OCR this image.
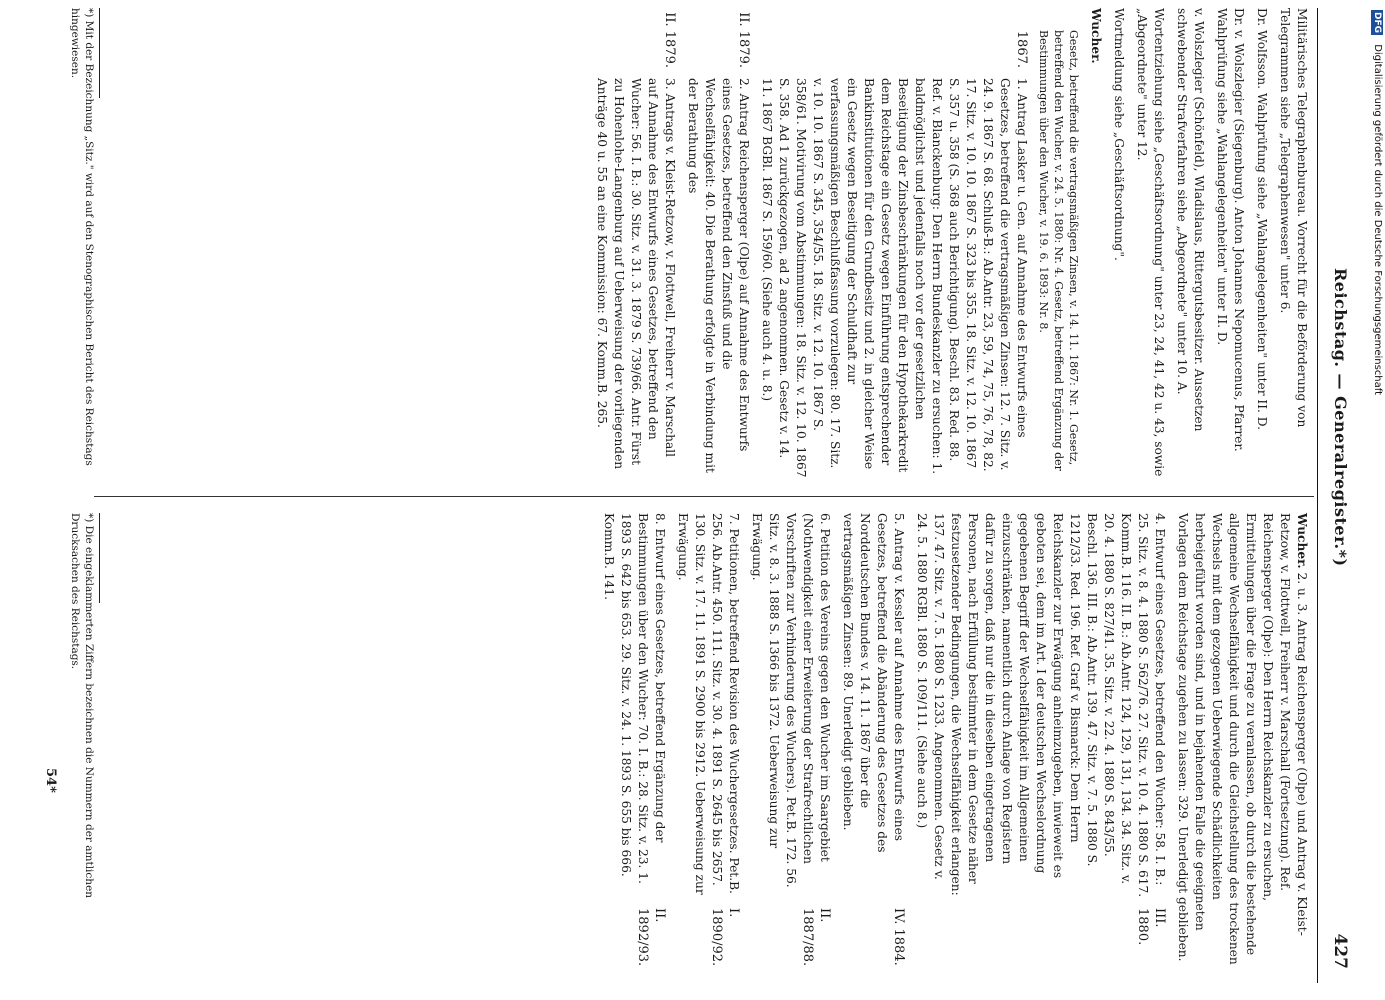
Reichstag. — Generalregister.*)
427
Militärisches Telegraphenbureau. Vorrecht für die Beförderung von Telegrammen siehe „Telegraphenwesen" unter 6.
Dr. Wolfsson. Wahlprüfung siehe „Wahlangelegenheiten" unter II. D.
Dr. v. Wolszlegier (Siegenburg). Anton Johannes Nepomucenus, Pfarrer. Wahlprüfung siehe „Wahlangelegenheiten" unter II. D.
v. Wolszlegier (Schönfeld), Wladislaus, Rittergutsbesitzer. Aussetzen schwebender Strafverfahren siehe „Abgeordnete" unter 10. A.
Wortentziehung siehe „Geschäftsordnung" unter 23, 24, 41, 42 u. 43, sowie „Abgeordnete" unter 12.
Wortmeldung siehe „Geschäftsordnung".
Wucher.
Gesetz, betreffend die vertragsmäßigen Zinsen, v. 14. 11. 1867: Nr. 1. Gesetz, betreffend den Wucher, v. 24. 5. 1880: Nr. 4. Gesetz, betreffend Ergänzung der Bestimmungen über den Wucher, v. 19. 6. 1893: Nr. 8.
1867.
1. Antrag Lasker u. Gen. auf Annahme des Entwurfs eines Gesetzes, betreffend die vertragsmäßigen Zinsen: 12. 7. Sitz. v. 24. 9. 1867 S. 68. Schluß-B.: Ab.Antr. 23, 59, 74, 75, 76, 78, 82. 17. Sitz. v. 10. 10. 1867 S. 323 bis 355. 18. Sitz. v. 12. 10. 1867 S. 357 u. 358 (S. 368 auch Berichtigung). Beschl. 83. Red. 88. Ref. v. Blanckenburg: Den Herrn Bundeskanzler zu ersuchen: 1. baldmöglichst und jedenfalls noch vor der gesetzlichen Beseitigung der Zinsbeschränkungen für den Hypothekarkredit dem Reichstage ein Gesetz wegen Einführung entsprechender Bankinstitutionen für den Grundbesitz und 2. in gleicher Weise ein Gesetz wegen Beseitigung der Schuldhaft zur verfassungsmäßigen Beschlußfassung vorzulegen: 80. 17. Sitz. v. 10. 10. 1867 S. 345, 354/55. 18. Sitz. v. 12. 10. 1867 S. 358/61. Motivirung vom Abstimmungen: 18. Sitz. v. 12. 10. 1867 S. 358. Ad 1 zurückgezogen, ad 2 angenommen. Gesetz v. 14. 11. 1867 BGBl. 1867 S. 159/60. (Siehe auch 4. u. 8.)
II. 1879.
2. Antrag Reichensperger (Olpe) auf Annahme des Entwurfs eines Gesetzes, betreffend den Zinsfuß und die Wechselfähigkeit: 40. Die Berathung erfolgte in Verbindung mit der Berathung des
II. 1879.
3. Antrags v. Kleist-Retzow, v. Flottwell, Freiherr v. Marschall auf Annahme des Entwurfs eines Gesetzes, betreffend den Wucher: 56. I. B.: 30. Sitz. v. 31. 3. 1879 S. 739/66. Antr. Fürst zu Hohenlohe-Langenburg auf Ueberweisung der vorliegenden Anträge 40 u. 55 an eine Kommission: 67. Komm.B. 265.
Wucher. 2. u. 3. Antrag Reichensperger (Olpe) und Antrag v. Kleist-Retzow, v. Flottwell, Freiherr v. Marschall (Fortsetzung). Ref. Reichensperger (Olpe): Den Herrn Reichskanzler zu ersuchen, Ermittelungen über die Frage zu veranlassen, ob durch die bestehende allgemeine Wechselfähigkeit und durch die Gleichstellung des trockenen Wechsels mit dem gezogenen Ueberwiegende Schädlichkeiten herbeigeführt worden sind, und in bejahenden Falle die geeigneten Vorlagen dem Reichstage zugehen zu lassen: 329. Unerledigt geblieben.
4. Entwurf eines Gesetzes, betreffend den Wucher: 58. I. B.: 25. Sitz. v. 8. 4. 1880 S. 562/76. 27. Sitz. v. 10. 4. 1880 S. 617. Komm.B. 116. II. B.: Ab.Antr. 124, 129, 131, 134. 34. Sitz. v. 20. 4. 1880 S. 827/41. 35. Sitz. v. 22. 4. 1880 S. 843/55. Beschl. 136. III. B.: Ab.Antr. 139. 47. Sitz. v. 7. 5. 1880 S. 1212/33. Red. 196. Ref. Graf v. Bismarck: Dem Herrn Reichskanzler zur Erwägung anheimzugeben, inwieweit es geboten sei, dem im Art. I der deutschen Wechselordnung gegebenen Begriff der Wechselfähigkeit im Allgemeinen einzuschränken, namentlich durch Anlage von Registern dafür zu sorgen, daß nur die in dieselben eingetragenen Personen, nach Erfüllung bestimmter in dem Gesetze näher festzusetzender Bedingungen, die Wechselfähigkeit erlangen: 137. 47. Sitz. v. 7. 5. 1880 S. 1233. Angenommen. Gesetz v. 24. 5. 1880 RGBl. 1880 S. 109/111. (Siehe auch 8.)
III. 1880.
5. Antrag v. Kessler auf Annahme des Entwurfs eines Gesetzes, betreffend die Abänderung des Gesetzes des Norddeutschen Bundes v. 14. 11. 1867 über die vertragsmäßigen Zinsen: 89. Unerledigt geblieben.
IV. 1884.
6. Petition des Vereins gegen den Wucher im Saargebiet (Nothwendigkeit einer Erweiterung der Strafrechtlichen Vorschriften zur Verhinderung des Wuchers). Pet.B. 172. 56. Sitz. v. 8. 3. 1888 S. 1366 bis 1372. Ueberweisung zur Erwägung.
II. 1887/88.
7. Petitionen, betreffend Revision des Wuchergesetzes. Pet.B. 256. Ab.Antr. 450. 111. Sitz. v. 30. 4. 1891 S. 2645 bis 2657. 130. Sitz. v. 17. 11. 1891 S. 2900 bis 2912. Ueberweisung zur Erwägung.
I. 1890/92.
8. Entwurf eines Gesetzes, betreffend Ergänzung der Bestimmungen über den Wucher: 70. I. B.: 28. Sitz. v. 23. 1. 1893 S. 642 bis 653. 29. Sitz. v. 24. 1. 1893 S. 655 bis 666. Komm.B. 141.
II. 1892/93.
*) Mit der Bezeichnung „Sitz." wird auf den Stenographischen Bericht des Reichstags hingewiesen.
*) Die eingeklammerten Ziffern bezeichnen die Nummern der amtlichen Drucksachen des Reichstags.
54*
DFG Digitalisierung gefördert durch die Deutsche Forschungsgemeinschaft
